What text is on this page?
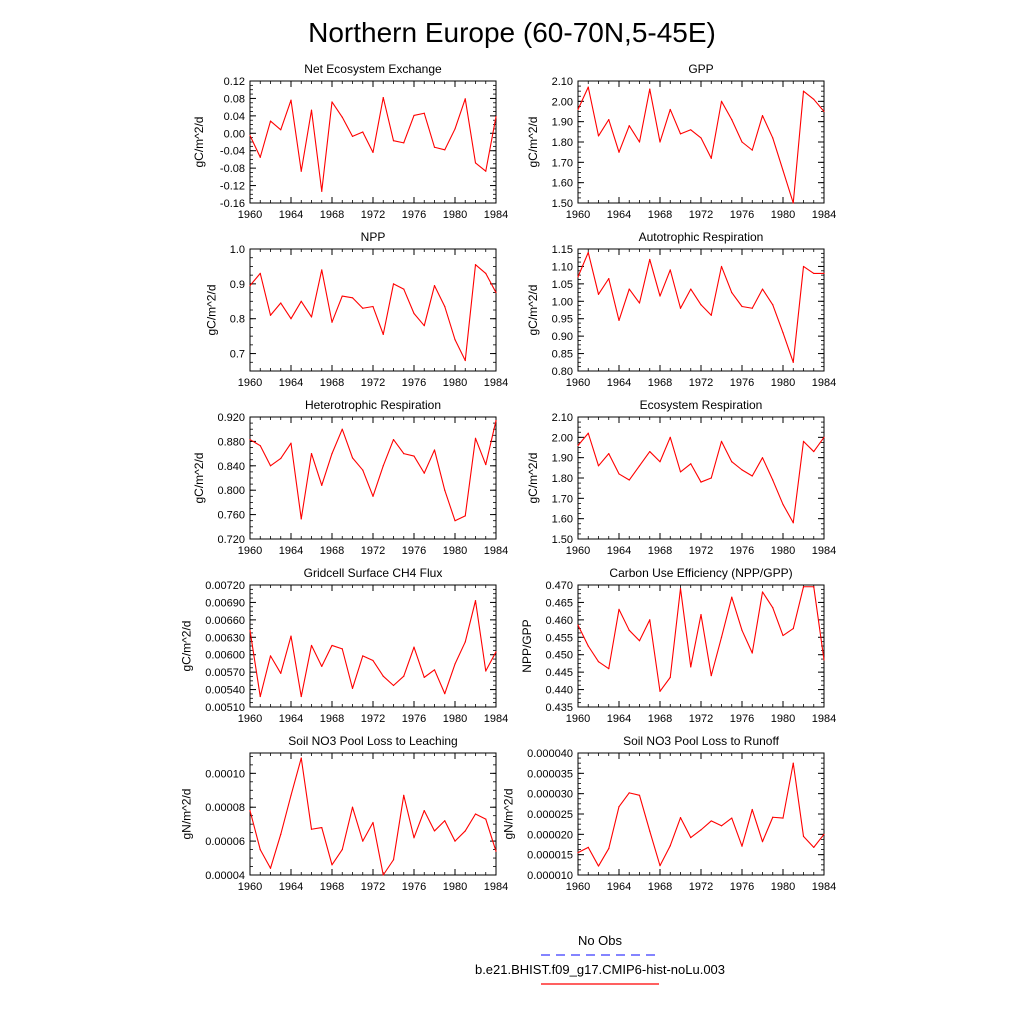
Northern Europe (60-70N,5-45E)
Net Ecosystem Exchange
1960 1964 1968 1972 1976 1980 1984
0.12
0.08
0.04
0.00
-0.04
-0.08
-0.12
-0.16
gC/m^2/d
GPP
1960 1964 1968 1972 1976 1980 1984
2.10
2.00
1.90
1.80
1.70
1.60
1.50
gC/m^2/d
NPP
1960 1964 1968 1972 1976 1980 1984
1.0
0.9
0.8
0.7
gC/m^2/d
Autotrophic Respiration
1960 1964 1968 1972 1976 1980 1984
1.15
1.10
1.05
1.00
0.95
0.90
0.85
0.80
gC/m^2/d
Heterotrophic Respiration
1960 1964 1968 1972 1976 1980 1984
0.920
0.880
0.840
0.800
0.760
0.720
gC/m^2/d
Ecosystem Respiration
1960 1964 1968 1972 1976 1980 1984
2.10
2.00
1.90
1.80
1.70
1.60
1.50
gC/m^2/d
Gridcell Surface CH4 Flux
1960 1964 1968 1972 1976 1980 1984
0.00720
0.00690
0.00660
0.00630
0.00600
0.00570
0.00540
0.00510
gC/m^2/d
Carbon Use Efficiency (NPP/GPP)
1960 1964 1968 1972 1976 1980 1984
0.470
0.465
0.460
0.455
0.450
0.445
0.440
0.435
NPP/GPP
Soil NO3 Pool Loss to Leaching
1960 1964 1968 1972 1976 1980 1984
0.00010
0.00008
0.00006
0.00004
gN/m^2/d
Soil NO3 Pool Loss to Runoff
1960 1964 1968 1972 1976 1980 1984
0.000040
0.000035
0.000030
0.000025
0.000020
0.000015
0.000010
gN/m^2/d
No Obs
b.e21.BHIST.f09_g17.CMIP6-hist-noLu.003
